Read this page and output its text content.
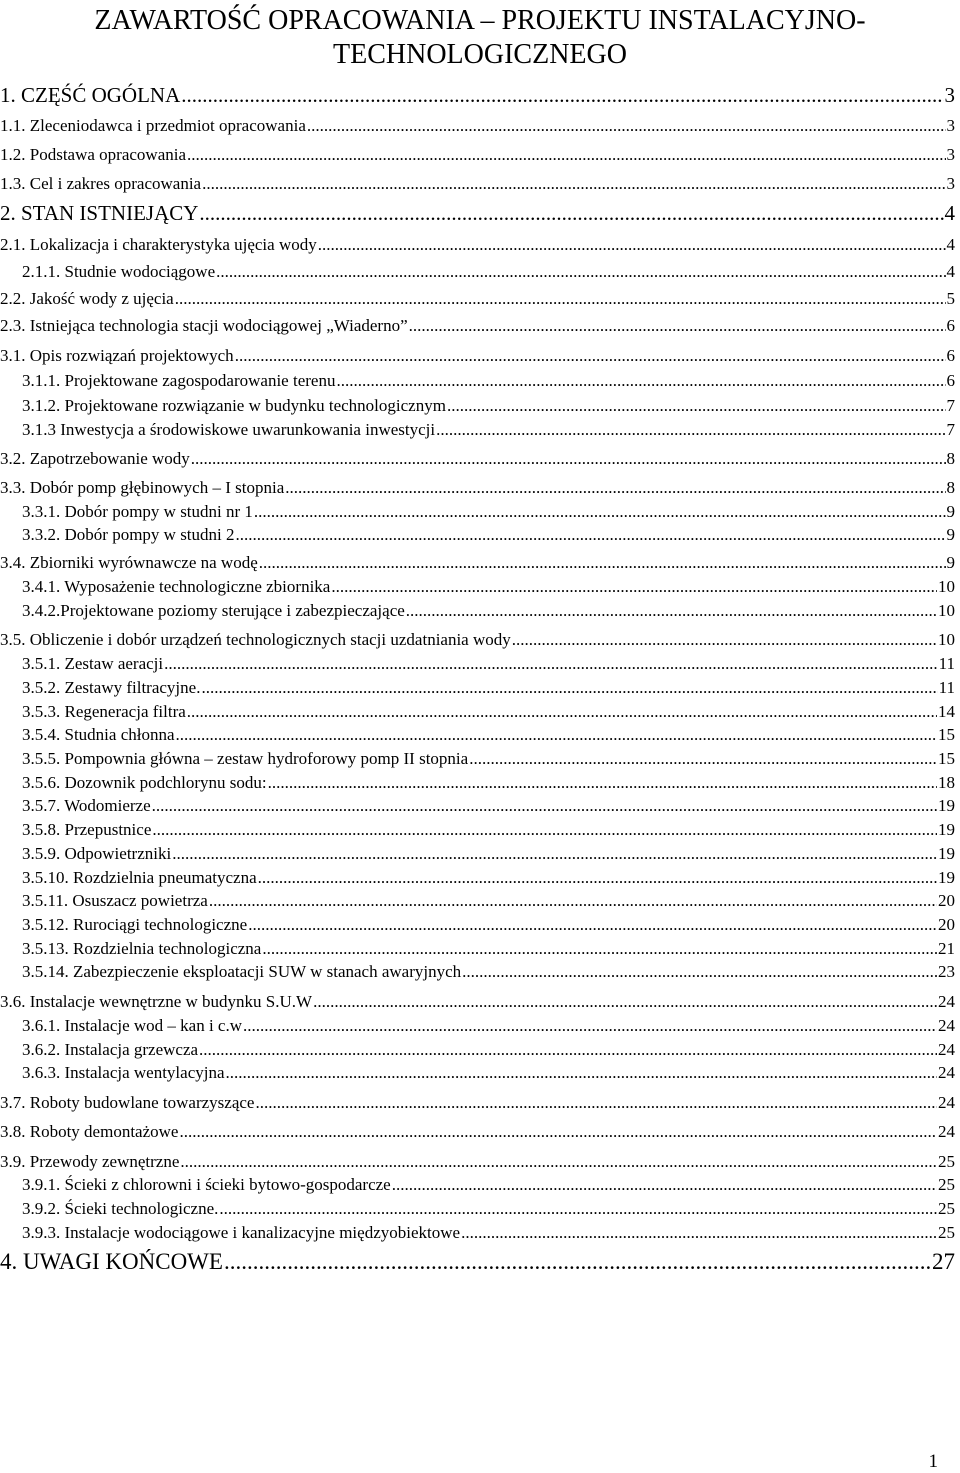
ZAWARTOŚĆ OPRACOWANIA – PROJEKTU INSTALACYJNO-
TECHNOLOGICZNEGO
1. CZĘŚĆ OGÓLNA .....	3
1.1. Zleceniodawca i przedmiot opracowania .....	3
1.2. Podstawa opracowania .....	3
1.3. Cel i zakres opracowania .....	3
2. STAN ISTNIEJĄCY .....	4
2.1. Lokalizacja i charakterystyka ujęcia wody .....	4
2.1.1. Studnie wodociągowe .....	4
2.2. Jakość wody z ujęcia .....	5
2.3. Istniejąca technologia stacji wodociągowej „Wiaderno” .....	6
3.1. Opis rozwiązań projektowych .....	6
3.1.1. Projektowane zagospodarowanie terenu .....	6
3.1.2. Projektowane rozwiązanie w budynku technologicznym .....	7
3.1.3 Inwestycja a środowiskowe uwarunkowania inwestycji .....	7
3.2. Zapotrzebowanie wody .....	8
3.3. Dobór pomp głębinowych – I stopnia .....	8
3.3.1. Dobór pompy w studni nr 1 .....	9
3.3.2. Dobór pompy w studni 2 .....	9
3.4. Zbiorniki wyrównawcze na wodę .....	9
3.4.1. Wyposażenie technologiczne zbiornika .....	10
3.4.2.Projektowane poziomy sterujące i zabezpieczające .....	10
3.5. Obliczenie i dobór urządzeń technologicznych stacji uzdatniania wody .....	10
3.5.1. Zestaw aeracji .....	11
3.5.2. Zestawy filtracyjne. .....	11
3.5.3. Regeneracja filtra .....	14
3.5.4. Studnia chłonna .....	15
3.5.5. Pompownia główna – zestaw hydroforowy pomp II stopnia .....	15
3.5.6. Dozownik podchlorynu sodu: .....	18
3.5.7. Wodomierze .....	19
3.5.8. Przepustnice .....	19
3.5.9. Odpowietrzniki .....	19
3.5.10. Rozdzielnia pneumatyczna .....	19
3.5.11. Osuszacz powietrza .....	20
3.5.12. Rurociągi technologiczne .....	20
3.5.13. Rozdzielnia technologiczna .....	21
3.5.14. Zabezpieczenie eksploatacji SUW w stanach awaryjnych .....	23
3.6. Instalacje wewnętrzne w budynku S.U.W .....	24
3.6.1. Instalacje wod – kan i c.w .....	24
3.6.2. Instalacja grzewcza .....	24
3.6.3. Instalacja wentylacyjna .....	24
3.7. Roboty budowlane towarzyszące .....	24
3.8. Roboty demontażowe .....	24
3.9. Przewody zewnętrzne .....	25
3.9.1. Ścieki z chlorowni i ścieki bytowo-gospodarcze .....	25
3.9.2. Ścieki technologiczne. .....	25
3.9.3. Instalacje wodociągowe i kanalizacyjne międzyobiektowe .....	25
4. UWAGI KOŃCOWE .....	27
1
